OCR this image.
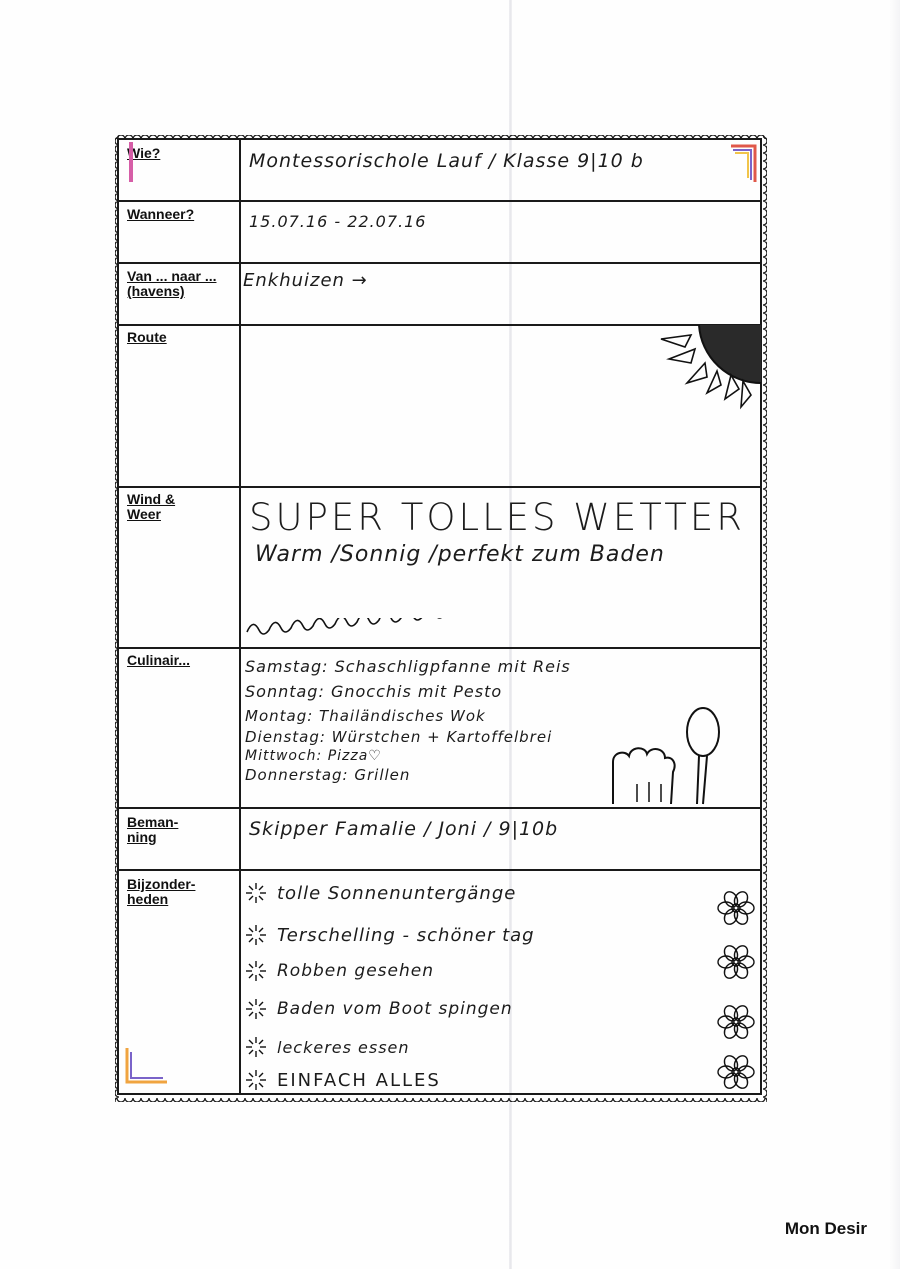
Wie?
Wanneer?
Van ... naar ... (havens)
Route
Wind & Weer
Culinair...
Beman-ning
Bijzonder-heden
Montessorischole Lauf / Klasse 9|10 b
15.07.16 - 22.07.16
Enkhuizen →
SUPER TOLLES WETTER
Warm /Sonnig /perfekt zum Baden
Samstag: Schaschligpfanne mit Reis
Sonntag: Gnocchis mit Pesto
Montag: Thailändisches Wok
Dienstag: Würstchen + Kartoffelbrei
Mittwoch: Pizza♡
Donnerstag: Grillen
Skipper Famalie / Joni / 9|10b
tolle Sonnenuntergänge
Terschelling - schöner tag
Robben gesehen
Baden vom Boot spingen
leckeres essen
EINFACH ALLES
Mon Desir
